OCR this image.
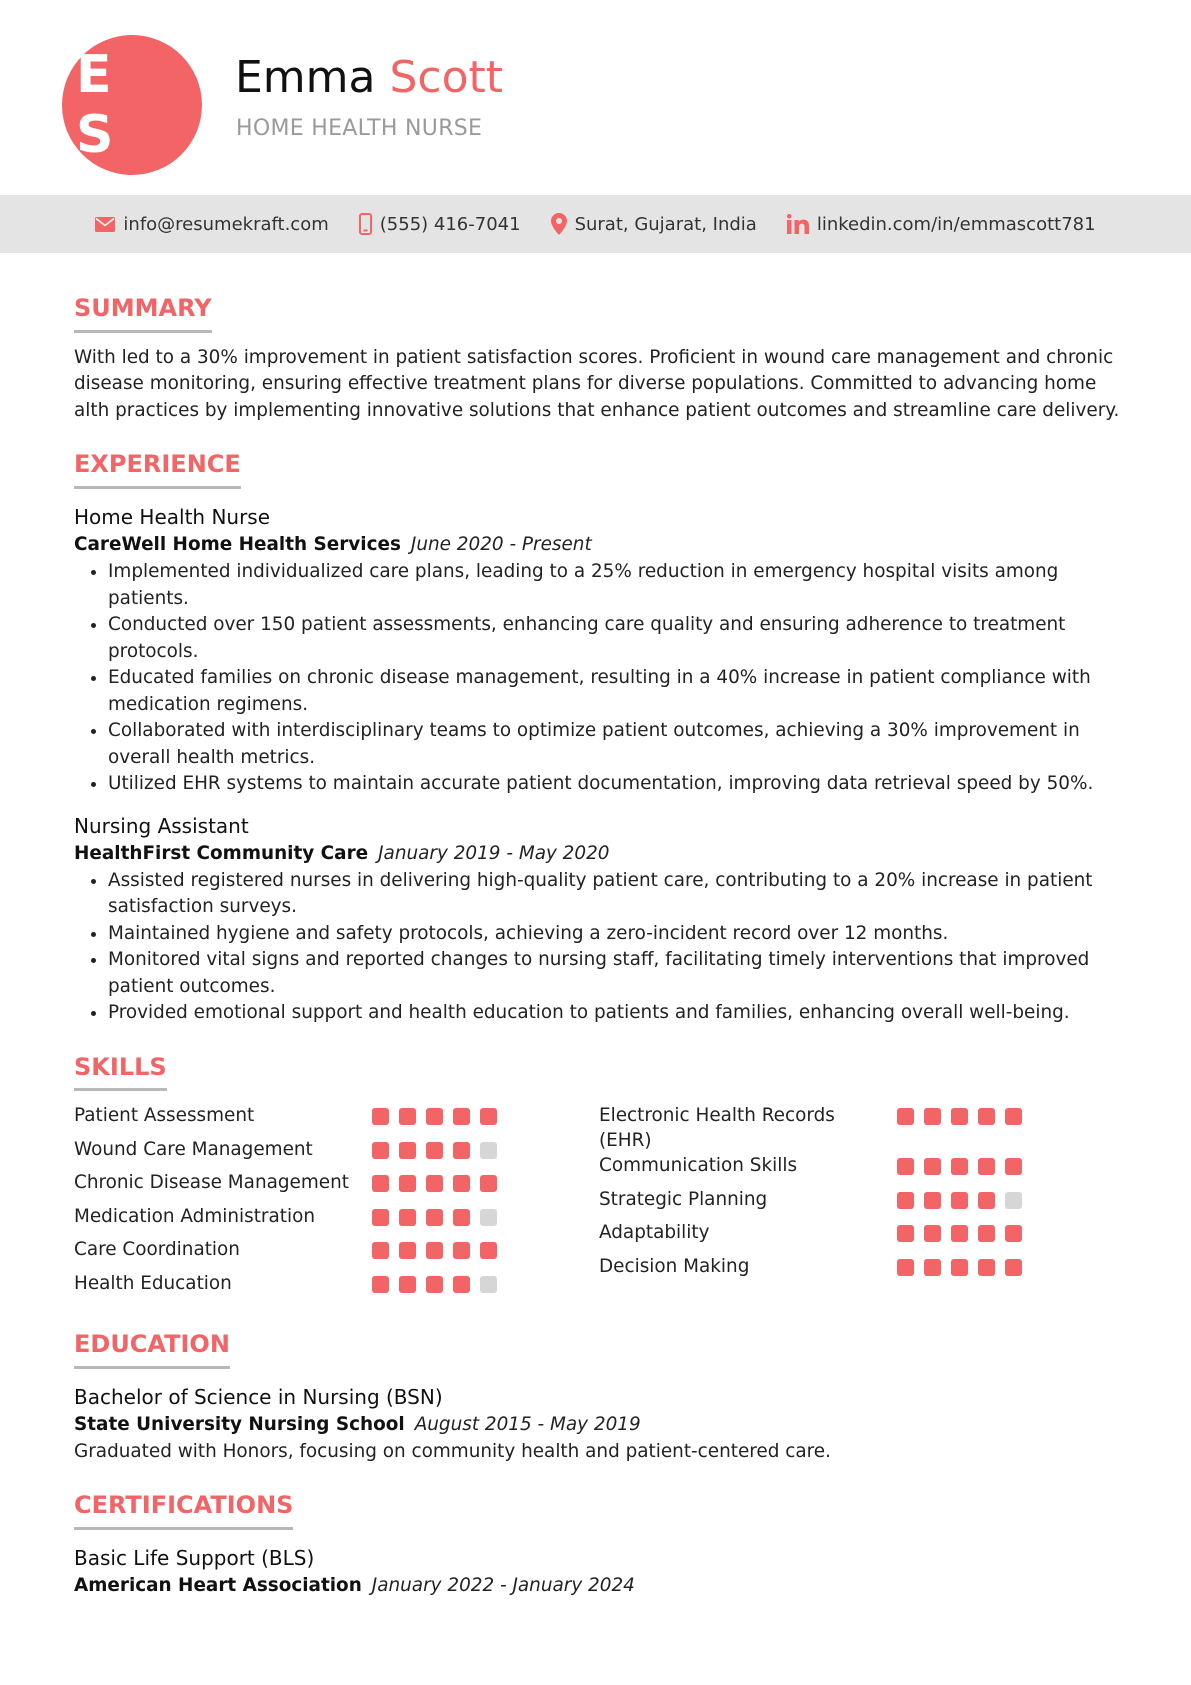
E S
Emma Scott
HOME HEALTH NURSE
info@resumekraft.com	(555) 416-7041	Surat, Gujarat, India	linkedin.com/in/emmascott781
SUMMARY
With led to a 30% improvement in patient satisfaction scores. Proficient in wound care management and chronic disease monitoring, ensuring effective treatment plans for diverse populations. Committed to advancing home alth practices by implementing innovative solutions that enhance patient outcomes and streamline care delivery.
EXPERIENCE
Home Health Nurse
CareWell Home Health Services June 2020 - Present
• Implemented individualized care plans, leading to a 25% reduction in emergency hospital visits among patients.
• Conducted over 150 patient assessments, enhancing care quality and ensuring adherence to treatment protocols.
• Educated families on chronic disease management, resulting in a 40% increase in patient compliance with medication regimens.
• Collaborated with interdisciplinary teams to optimize patient outcomes, achieving a 30% improvement in overall health metrics.
• Utilized EHR systems to maintain accurate patient documentation, improving data retrieval speed by 50%.
Nursing Assistant
HealthFirst Community Care January 2019 - May 2020
• Assisted registered nurses in delivering high-quality patient care, contributing to a 20% increase in patient satisfaction surveys.
• Maintained hygiene and safety protocols, achieving a zero-incident record over 12 months.
• Monitored vital signs and reported changes to nursing staff, facilitating timely interventions that improved patient outcomes.
• Provided emotional support and health education to patients and families, enhancing overall well-being.
SKILLS
Patient Assessment
Wound Care Management
Chronic Disease Management
Medication Administration
Care Coordination
Health Education
Electronic Health Records (EHR)
Communication Skills
Strategic Planning
Adaptability
Decision Making
EDUCATION
Bachelor of Science in Nursing (BSN)
State University Nursing School August 2015 - May 2019
Graduated with Honors, focusing on community health and patient-centered care.
CERTIFICATIONS
Basic Life Support (BLS)
American Heart Association January 2022 - January 2024
